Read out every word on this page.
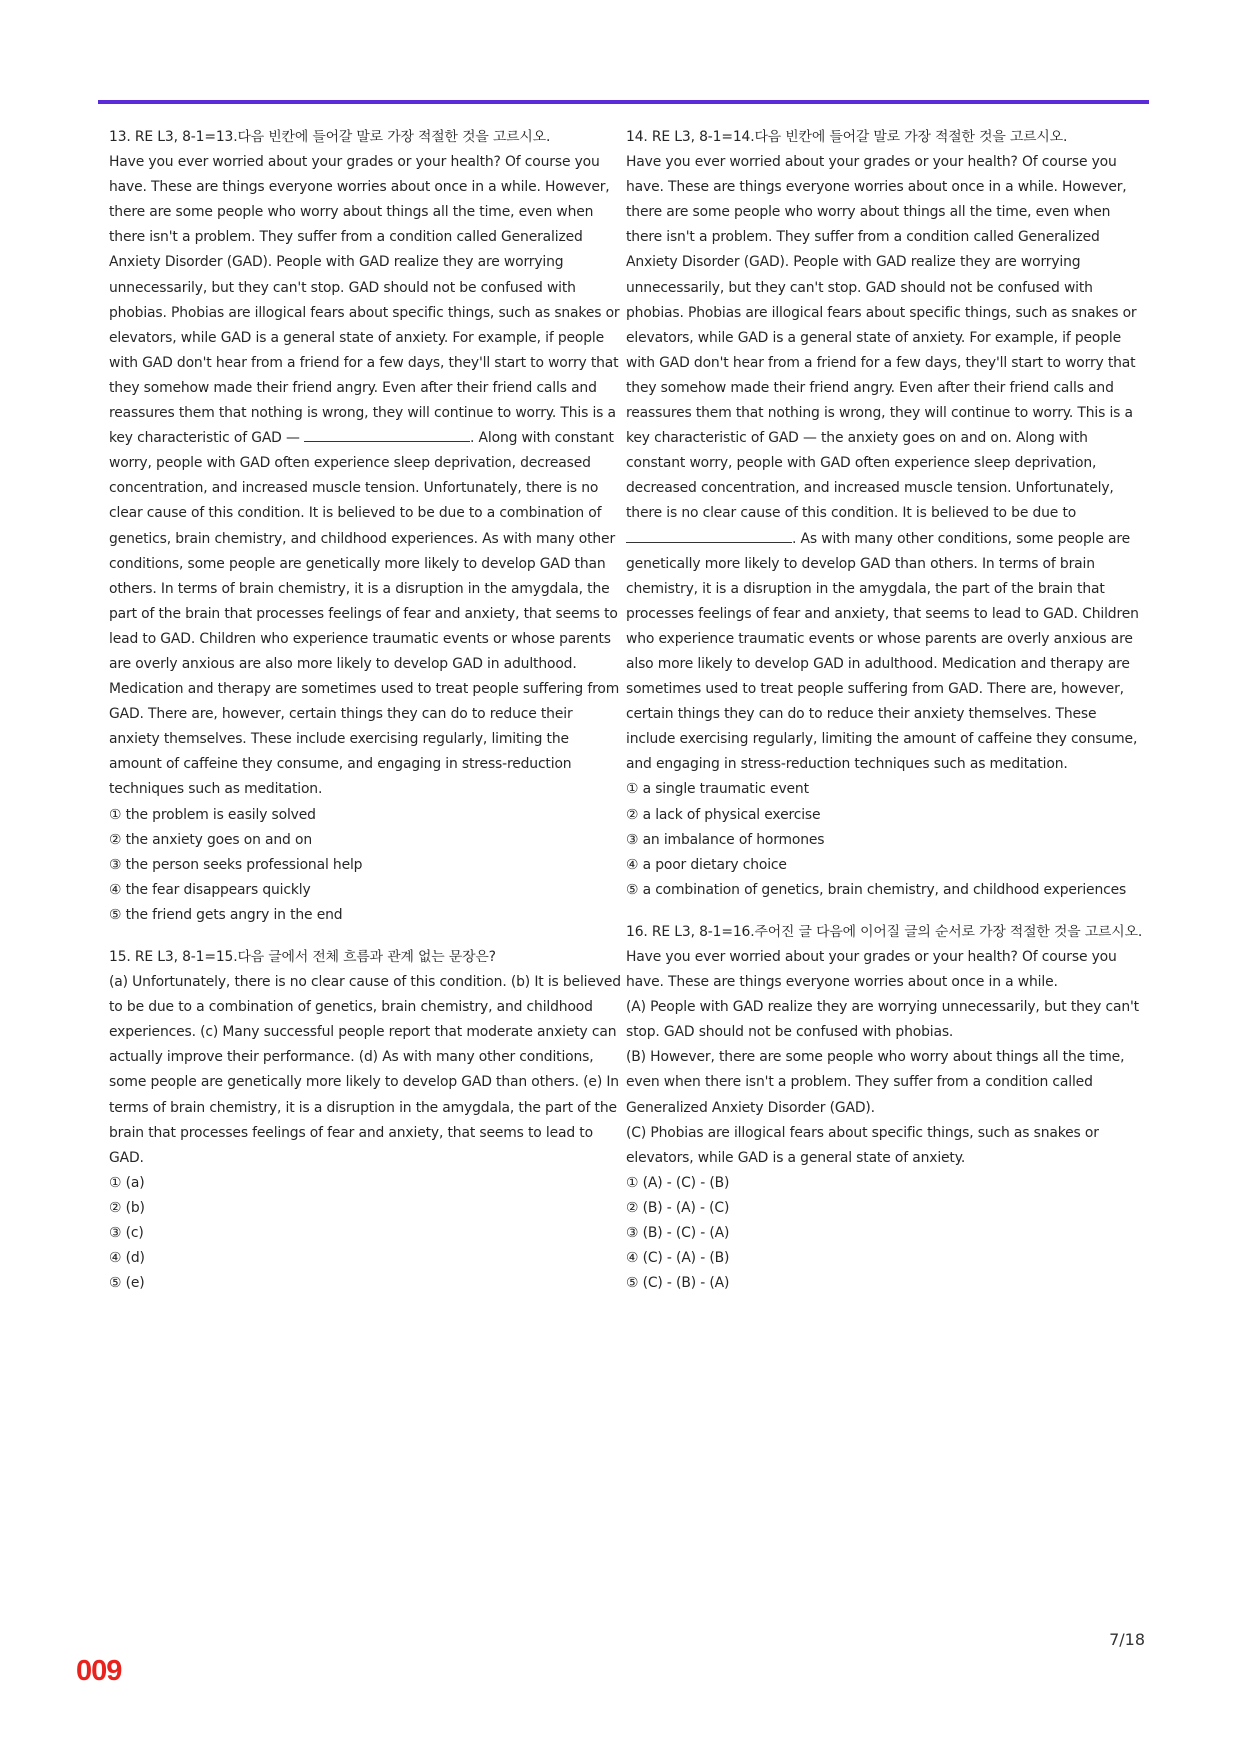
13. RE L3, 8-1=13.다음 빈칸에 들어갈 말로 가장 적절한 것을 고르시오.
Have you ever worried about your grades or your health? Of course you have. These are things everyone worries about once in a while. However, there are some people who worry about things all the time, even when there isn't a problem. They suffer from a condition called Generalized Anxiety Disorder (GAD). People with GAD realize they are worrying unnecessarily, but they can't stop. GAD should not be confused with phobias. Phobias are illogical fears about specific things, such as snakes or elevators, while GAD is a general state of anxiety. For example, if people with GAD don't hear from a friend for a few days, they'll start to worry that they somehow made their friend angry. Even after their friend calls and reassures them that nothing is wrong, they will continue to worry. This is a key characteristic of GAD —	. Along with constant worry, people with GAD often experience sleep deprivation, decreased concentration, and increased muscle tension. Unfortunately, there is no clear cause of this condition. It is believed to be due to a combination of genetics, brain chemistry, and childhood experiences. As with many other conditions, some people are genetically more likely to develop GAD than others. In terms of brain chemistry, it is a disruption in the amygdala, the part of the brain that processes feelings of fear and anxiety, that seems to lead to GAD. Children who experience traumatic events or whose parents are overly anxious are also more likely to develop GAD in adulthood. Medication and therapy are sometimes used to treat people suffering from GAD. There are, however, certain things they can do to reduce their anxiety themselves. These include exercising regularly, limiting the amount of caffeine they consume, and engaging in stress-reduction techniques such as meditation.
① the problem is easily solved
② the anxiety goes on and on
③ the person seeks professional help
④ the fear disappears quickly
⑤ the friend gets angry in the end
15. RE L3, 8-1=15.다음 글에서 전체 흐름과 관계 없는 문장은?
(a) Unfortunately, there is no clear cause of this condition. (b) It is believed to be due to a combination of genetics, brain chemistry, and childhood experiences. (c) Many successful people report that moderate anxiety can actually improve their performance. (d) As with many other conditions, some people are genetically more likely to develop GAD than others. (e) In terms of brain chemistry, it is a disruption in the amygdala, the part of the brain that processes feelings of fear and anxiety, that seems to lead to GAD.
① (a)
② (b)
③ (c)
④ (d)
⑤ (e)
14. RE L3, 8-1=14.다음 빈칸에 들어갈 말로 가장 적절한 것을 고르시오.
Have you ever worried about your grades or your health? Of course you have. These are things everyone worries about once in a while. However, there are some people who worry about things all the time, even when there isn't a problem. They suffer from a condition called Generalized Anxiety Disorder (GAD). People with GAD realize they are worrying unnecessarily, but they can't stop. GAD should not be confused with phobias. Phobias are illogical fears about specific things, such as snakes or elevators, while GAD is a general state of anxiety. For example, if people with GAD don't hear from a friend for a few days, they'll start to worry that they somehow made their friend angry. Even after their friend calls and reassures them that nothing is wrong, they will continue to worry. This is a key characteristic of GAD — the anxiety goes on and on. Along with constant worry, people with GAD often experience sleep deprivation, decreased concentration, and increased muscle tension. Unfortunately, there is no clear cause of this condition. It is believed to be due to . As with many other conditions, some people are genetically more likely to develop GAD than others. In terms of brain chemistry, it is a disruption in the amygdala, the part of the brain that processes feelings of fear and anxiety, that seems to lead to GAD. Children who experience traumatic events or whose parents are overly anxious are also more likely to develop GAD in adulthood. Medication and therapy are sometimes used to treat people suffering from GAD. There are, however, certain things they can do to reduce their anxiety themselves. These include exercising regularly, limiting the amount of caffeine they consume, and engaging in stress-reduction techniques such as meditation.
① a single traumatic event
② a lack of physical exercise
③ an imbalance of hormones
④ a poor dietary choice
⑤ a combination of genetics, brain chemistry, and childhood experiences
16. RE L3, 8-1=16.주어진 글 다음에 이어질 글의 순서로 가장 적절한 것을 고르시오.

Have you ever worried about your grades or your health? Of course you have. These are things everyone worries about once in a while.

(A) People with GAD realize they are worrying unnecessarily, but they can't stop. GAD should not be confused with phobias.

(B) However, there are some people who worry about things all the time, even when there isn't a problem. They suffer from a condition called Generalized Anxiety Disorder (GAD).

(C) Phobias are illogical fears about specific things, such as snakes or elevators, while GAD is a general state of anxiety.

① (A) - (C) - (B)
② (B) - (A) - (C)
③ (B) - (C) - (A)
④ (C) - (A) - (B)
⑤ (C) - (B) - (A)
7/18
009
